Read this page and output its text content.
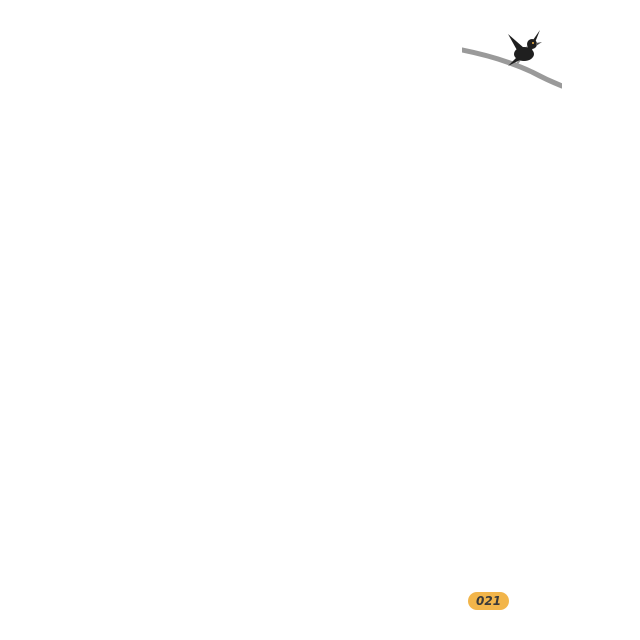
021
